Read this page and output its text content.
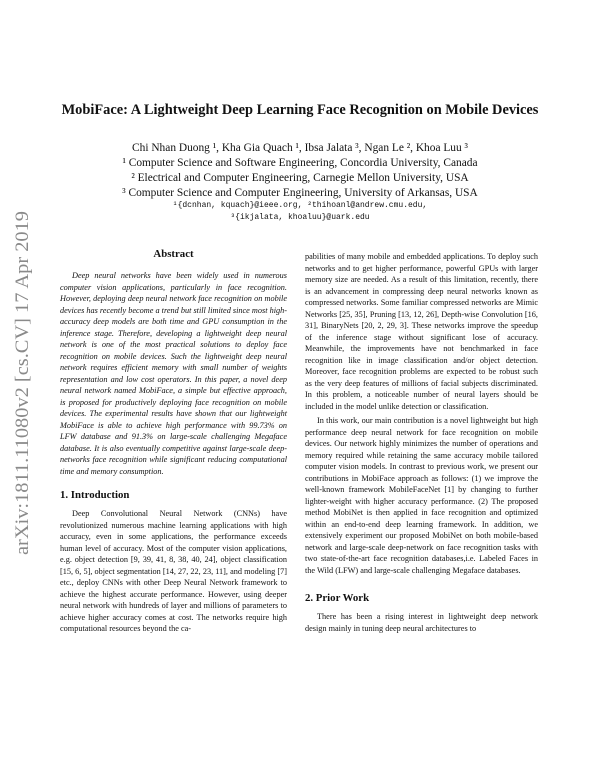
arXiv:1811.11080v2 [cs.CV] 17 Apr 2019
MobiFace: A Lightweight Deep Learning Face Recognition on Mobile Devices
Chi Nhan Duong ¹, Kha Gia Quach ¹, Ibsa Jalata ³, Ngan Le ², Khoa Luu ³
¹ Computer Science and Software Engineering, Concordia University, Canada
² Electrical and Computer Engineering, Carnegie Mellon University, USA
³ Computer Science and Computer Engineering, University of Arkansas, USA
¹{dcnhan, kquach}@ieee.org, ²thihoanl@andrew.cmu.edu,
³{ikjalata, khoaluu}@uark.edu
Abstract

Deep neural networks have been widely used in numerous computer vision applications, particularly in face recognition. However, deploying deep neural network face recognition on mobile devices has recently become a trend but still limited since most high-accuracy deep models are both time and GPU consumption in the inference stage. Therefore, developing a lightweight deep neural network is one of the most practical solutions to deploy face recognition on mobile devices. Such the lightweight deep neural network requires efficient memory with small number of weights representation and low cost operators. In this paper, a novel deep neural network named MobiFace, a simple but effective approach, is proposed for productively deploying face recognition on mobile devices. The experimental results have shown that our lightweight MobiFace is able to achieve high performance with 99.73% on LFW database and 91.3% on large-scale challenging Megaface database. It is also eventually competitive against large-scale deep-networks face recognition while significant reducing computational time and memory consumption.

1. Introduction

Deep Convolutional Neural Network (CNNs) have revolutionized numerous machine learning applications with high accuracy, even in some applications, the performance exceeds human level of accuracy. Most of the computer vision applications, e.g. object detection [9, 39, 41, 8, 38, 40, 24], object classification [15, 6, 5], object segmentation [14, 27, 22, 23, 11], and modeling [7] etc., deploy CNNs with other Deep Neural Network framework to achieve the highest accurate performance. However, using deeper neural network with hundreds of layer and millions of parameters to achieve higher accuracy comes at cost. The networks require high computational resources beyond the ca-

pabilities of many mobile and embedded applications. To deploy such networks and to get higher performance, powerful GPUs with larger memory size are needed. As a result of this limitation, recently, there is an advancement in compressing deep neural networks known as compressed networks. Some familiar compressed networks are Mimic Networks [25, 35], Pruning [13, 12, 26], Depth-wise Convolution [16, 31], BinaryNets [20, 2, 29, 3]. These networks improve the speedup of the inference stage without significant lose of accuracy. Meanwhile, the improvements have not benchmarked in face recognition like in image classification and/or object detection. Moreover, face recognition problems are expected to be robust such as the very deep features of millions of facial subjects discriminated. In this problem, a noticeable number of neural layers should be included in the model unlike detection or classification.

In this work, our main contribution is a novel lightweight but high performance deep neural network for face recognition on mobile devices. Our network highly minimizes the number of operations and memory required while retaining the same accuracy mobile tailored computer vision models. In contrast to previous work, we present our contributions in MobiFace approach as follows: (1) we improve the well-known framework MobileFaceNet [1] by changing to further lighter-weight with higher accuracy performance. (2) The proposed method MobiNet is then applied in face recognition and optimized within an end-to-end deep learning framework. In addition, we extensively experiment our proposed MobiNet on both mobile-based network and large-scale deep-network on face recognition tasks with two state-of-the-art face recognition databases,i.e. Labeled Faces in the Wild (LFW) and large-scale challenging Megaface databases.

2. Prior Work

There has been a rising interest in lightweight deep network design mainly in tuning deep neural architectures to
